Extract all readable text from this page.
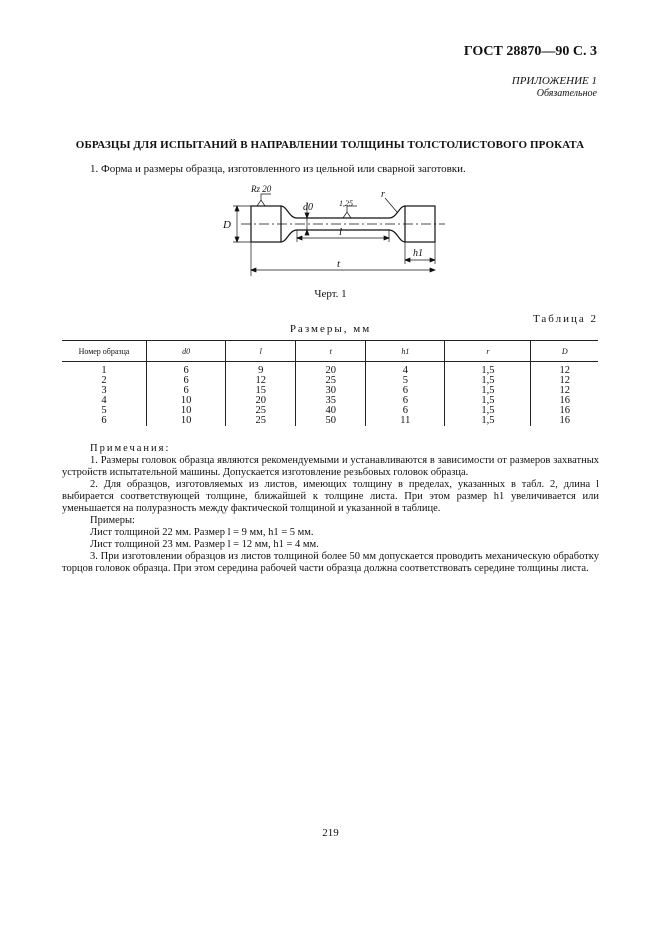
ГОСТ 28870—90 С. 3
ПРИЛОЖЕНИЕ 1
Обязательное
ОБРАЗЦЫ ДЛЯ ИСПЫТАНИЙ В НАПРАВЛЕНИИ ТОЛЩИНЫ ТОЛСТОЛИСТОВОГО ПРОКАТА
1. Форма и размеры образца, изготовленного из цельной или сварной заготовки.
Rz 20
1,25
r
D
d0
l
h1
t
Черт. 1
Таблица 2
Размеры, мм
Номер образца	d0	l	t	h1	r	D
1	6	9	20	4	1,5	12
2	6	12	25	5	1,5	12
3	6	15	30	6	1,5	12
4	10	20	35	6	1,5	16
5	10	25	40	6	1,5	16
6	10	25	50	11	1,5	16

Примечания:

1. Размеры головок образца являются рекомендуемыми и устанавливаются в зависимости от размеров захватных устройств испытательной машины. Допускается изготовление резьбовых головок образца.

2. Для образцов, изготовляемых из листов, имеющих толщину в пределах, указанных в табл. 2, длина l выбирается соответствующей толщине, ближайшей к толщине листа. При этом размер h1 увеличивается или уменьшается на полуразность между фактической толщиной и указанной в таблице.

Примеры:

Лист толщиной 22 мм. Размер l = 9 мм, h1 = 5 мм.

Лист толщиной 23 мм. Размер l = 12 мм, h1 = 4 мм.

3. При изготовлении образцов из листов толщиной более 50 мм допускается проводить механическую обработку торцов головок образца. При этом середина рабочей части образца должна соответствовать середине толщины листа.

219
